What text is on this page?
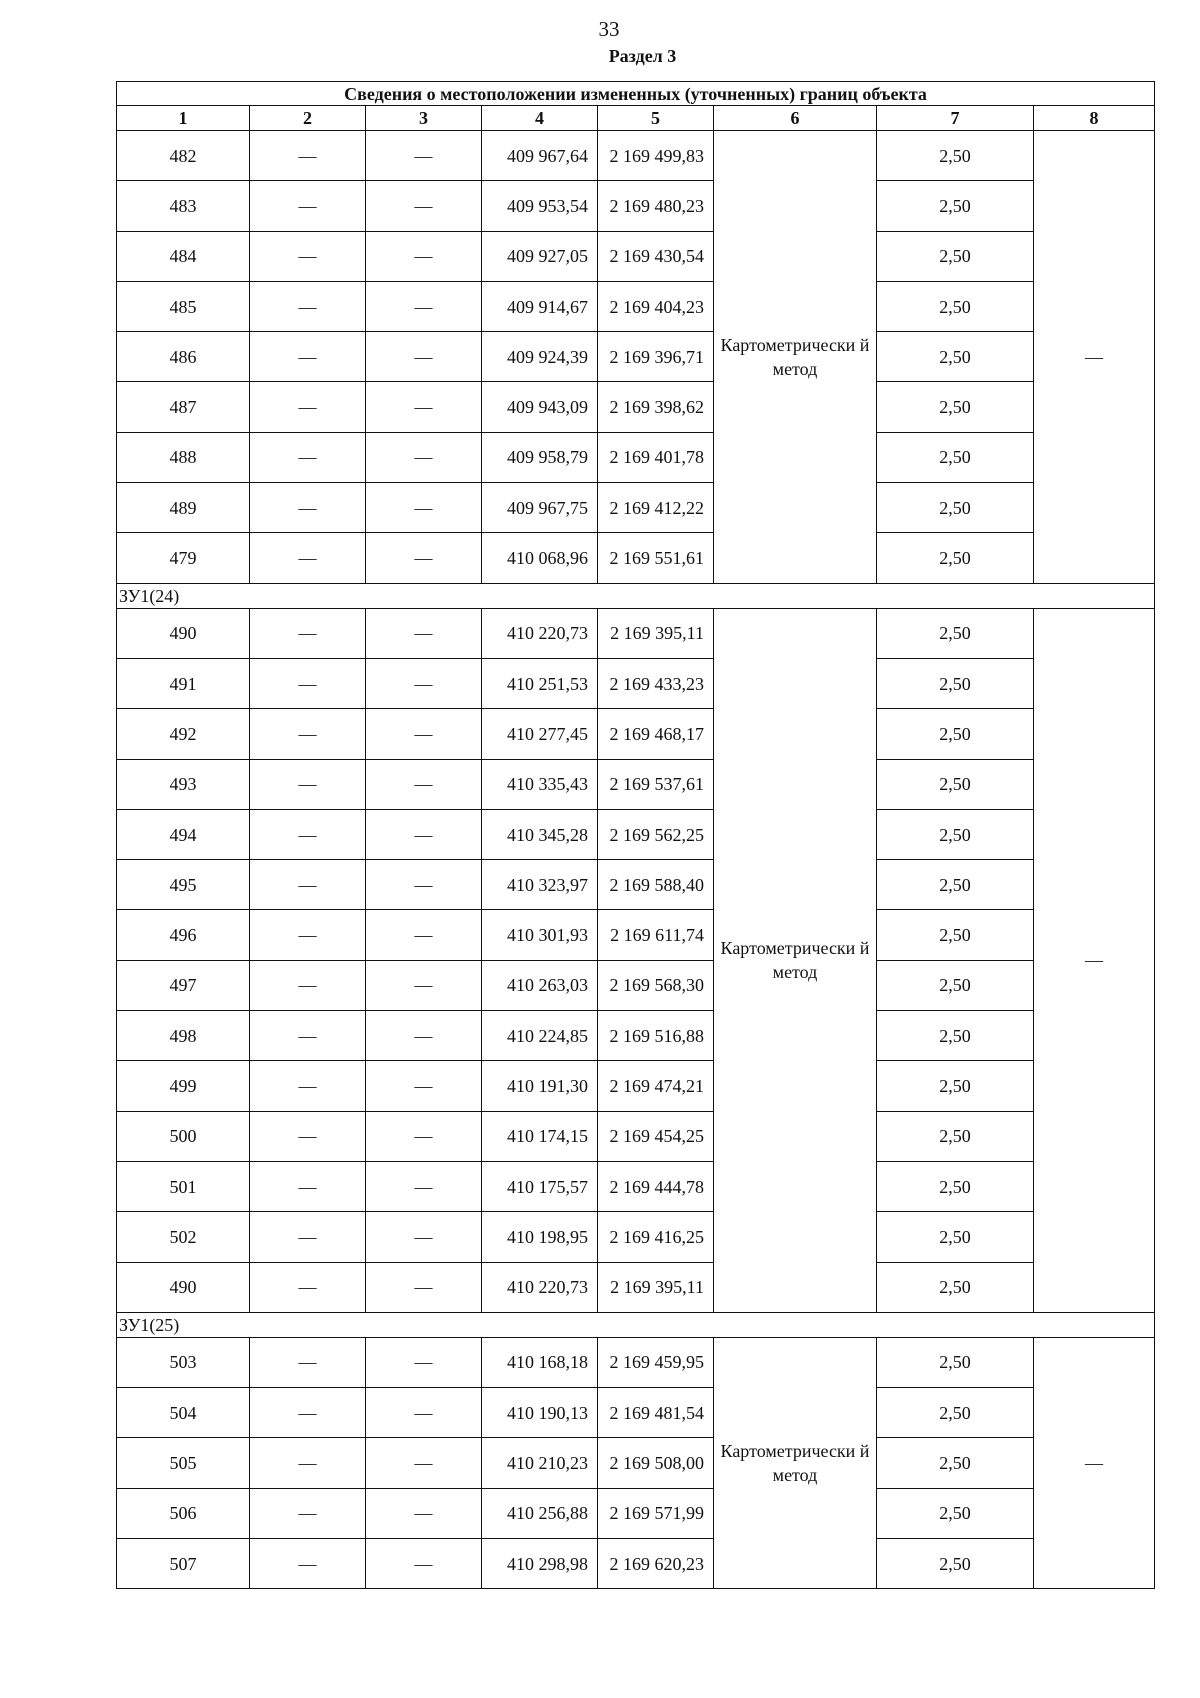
33
Раздел 3
Сведения о местоположении измененных (уточненных) границ объекта							
1	2	3	4	5	6	7	8
482	—	—	409 967,64	2 169 499,83	Картометрически й метод	2,50	—
483	—	—	409 953,54	2 169 480,23		2,50	
484	—	—	409 927,05	2 169 430,54		2,50	
485	—	—	409 914,67	2 169 404,23		2,50	
486	—	—	409 924,39	2 169 396,71		2,50	
487	—	—	409 943,09	2 169 398,62		2,50	
488	—	—	409 958,79	2 169 401,78		2,50	
489	—	—	409 967,75	2 169 412,22		2,50	
479	—	—	410 068,96	2 169 551,61		2,50	
ЗУ1(24)							
490	—	—	410 220,73	2 169 395,11	Картометрически й метод	2,50	—
491	—	—	410 251,53	2 169 433,23		2,50	
492	—	—	410 277,45	2 169 468,17		2,50	
493	—	—	410 335,43	2 169 537,61		2,50	
494	—	—	410 345,28	2 169 562,25		2,50	
495	—	—	410 323,97	2 169 588,40		2,50	
496	—	—	410 301,93	2 169 611,74		2,50	
497	—	—	410 263,03	2 169 568,30		2,50	
498	—	—	410 224,85	2 169 516,88		2,50	
499	—	—	410 191,30	2 169 474,21		2,50	
500	—	—	410 174,15	2 169 454,25		2,50	
501	—	—	410 175,57	2 169 444,78		2,50	
502	—	—	410 198,95	2 169 416,25		2,50	
490	—	—	410 220,73	2 169 395,11		2,50	
ЗУ1(25)							
503	—	—	410 168,18	2 169 459,95	Картометрически й метод	2,50	—
504	—	—	410 190,13	2 169 481,54		2,50	
505	—	—	410 210,23	2 169 508,00		2,50	
506	—	—	410 256,88	2 169 571,99		2,50	
507	—	—	410 298,98	2 169 620,23		2,50	
